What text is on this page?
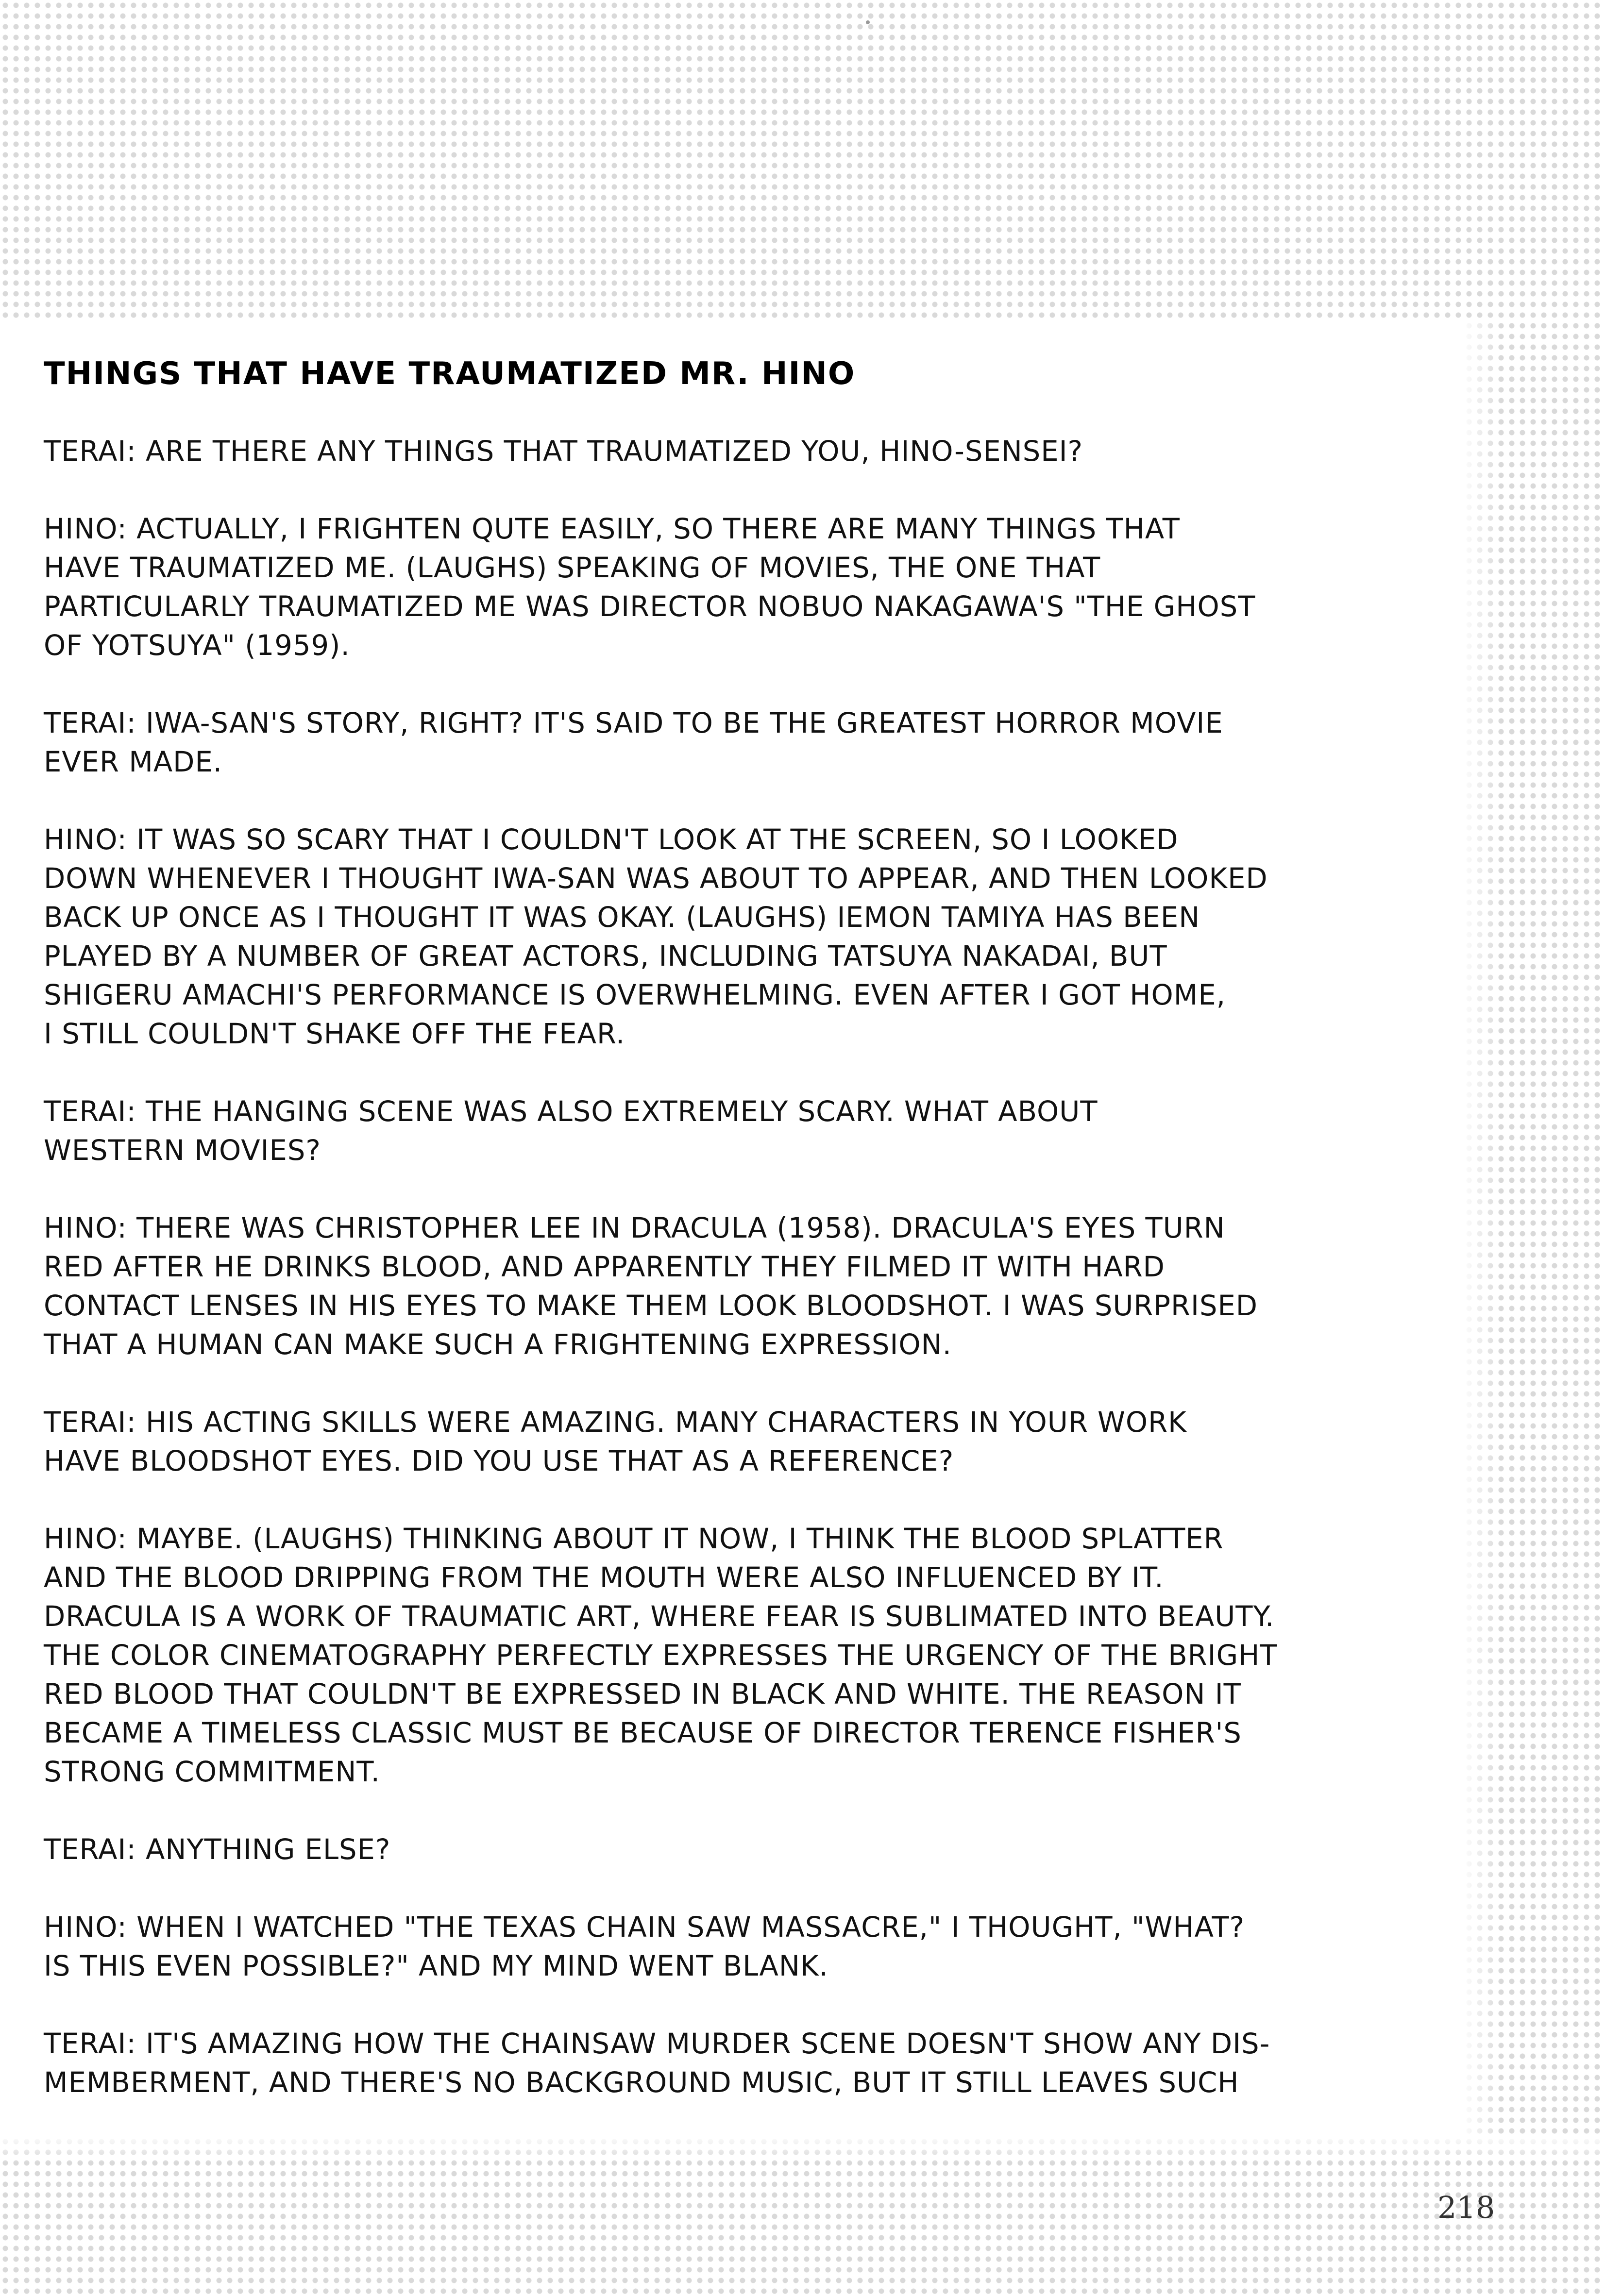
THINGS THAT HAVE TRAUMATIZED MR. HINO

TERAI: ARE THERE ANY THINGS THAT TRAUMATIZED YOU, HINO-SENSEI?

HINO: ACTUALLY, I FRIGHTEN QUTE EASILY, SO THERE ARE MANY THINGS THAT
HAVE TRAUMATIZED ME. (LAUGHS) SPEAKING OF MOVIES, THE ONE THAT
PARTICULARLY TRAUMATIZED ME WAS DIRECTOR NOBUO NAKAGAWA'S "THE GHOST
OF YOTSUYA" (1959).

TERAI: IWA-SAN'S STORY, RIGHT? IT'S SAID TO BE THE GREATEST HORROR MOVIE
EVER MADE.

HINO: IT WAS SO SCARY THAT I COULDN'T LOOK AT THE SCREEN, SO I LOOKED
DOWN WHENEVER I THOUGHT IWA-SAN WAS ABOUT TO APPEAR, AND THEN LOOKED
BACK UP ONCE AS I THOUGHT IT WAS OKAY. (LAUGHS) IEMON TAMIYA HAS BEEN
PLAYED BY A NUMBER OF GREAT ACTORS, INCLUDING TATSUYA NAKADAI, BUT
SHIGERU AMACHI'S PERFORMANCE IS OVERWHELMING. EVEN AFTER I GOT HOME,
I STILL COULDN'T SHAKE OFF THE FEAR.

TERAI: THE HANGING SCENE WAS ALSO EXTREMELY SCARY. WHAT ABOUT
WESTERN MOVIES?

HINO: THERE WAS CHRISTOPHER LEE IN DRACULA (1958). DRACULA'S EYES TURN
RED AFTER HE DRINKS BLOOD, AND APPARENTLY THEY FILMED IT WITH HARD
CONTACT LENSES IN HIS EYES TO MAKE THEM LOOK BLOODSHOT. I WAS SURPRISED
THAT A HUMAN CAN MAKE SUCH A FRIGHTENING EXPRESSION.

TERAI: HIS ACTING SKILLS WERE AMAZING. MANY CHARACTERS IN YOUR WORK
HAVE BLOODSHOT EYES. DID YOU USE THAT AS A REFERENCE?

HINO: MAYBE. (LAUGHS) THINKING ABOUT IT NOW, I THINK THE BLOOD SPLATTER
AND THE BLOOD DRIPPING FROM THE MOUTH WERE ALSO INFLUENCED BY IT.
DRACULA IS A WORK OF TRAUMATIC ART, WHERE FEAR IS SUBLIMATED INTO BEAUTY.
THE COLOR CINEMATOGRAPHY PERFECTLY EXPRESSES THE URGENCY OF THE BRIGHT
RED BLOOD THAT COULDN'T BE EXPRESSED IN BLACK AND WHITE. THE REASON IT
BECAME A TIMELESS CLASSIC MUST BE BECAUSE OF DIRECTOR TERENCE FISHER'S
STRONG COMMITMENT.

TERAI: ANYTHING ELSE?

HINO: WHEN I WATCHED "THE TEXAS CHAIN SAW MASSACRE," I THOUGHT, "WHAT?
IS THIS EVEN POSSIBLE?" AND MY MIND WENT BLANK.

TERAI: IT'S AMAZING HOW THE CHAINSAW MURDER SCENE DOESN'T SHOW ANY DIS-
MEMBERMENT, AND THERE'S NO BACKGROUND MUSIC, BUT IT STILL LEAVES SUCH

218
